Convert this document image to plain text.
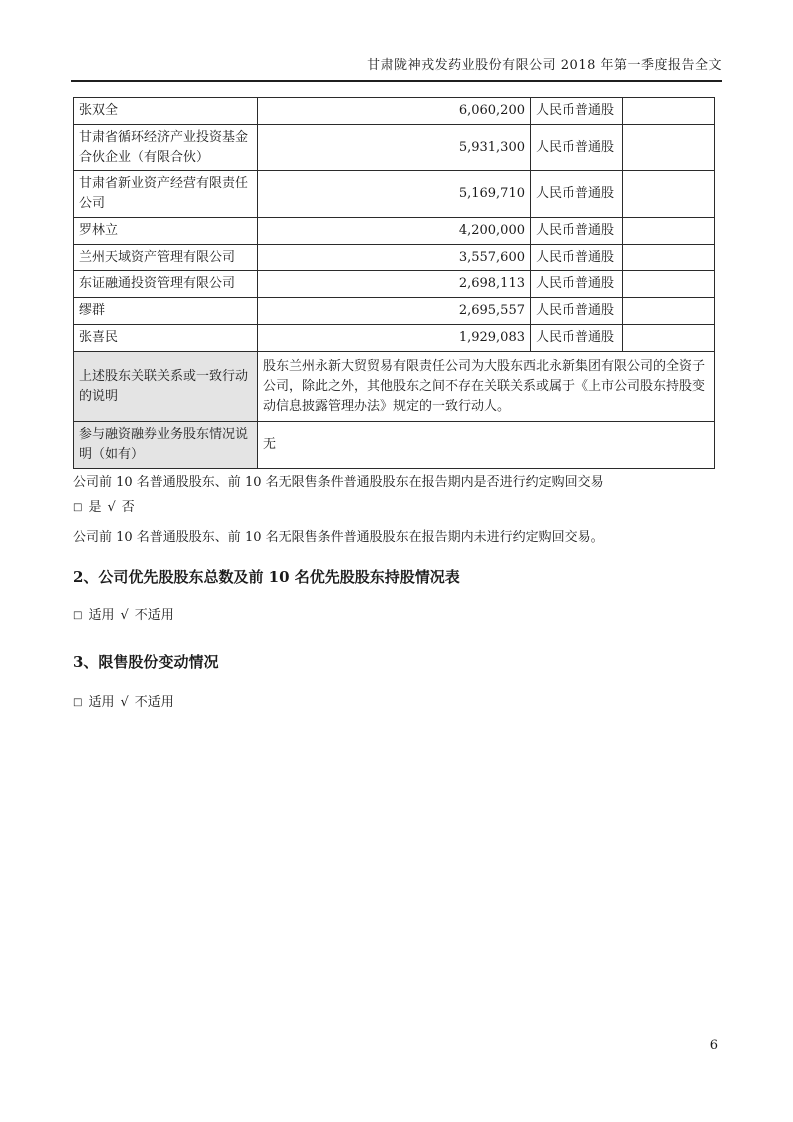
甘肃陇神戎发药业股份有限公司 2018 年第一季度报告全文
张双全	6,060,200	人民币普通股	
甘肃省循环经济产业投资基金合伙企业（有限合伙）	5,931,300	人民币普通股	
甘肃省新业资产经营有限责任公司	5,169,710	人民币普通股	
罗林立	4,200,000	人民币普通股	
兰州天域资产管理有限公司	3,557,600	人民币普通股	
东证融通投资管理有限公司	2,698,113	人民币普通股	
缪群	2,695,557	人民币普通股	
张喜民	1,929,083	人民币普通股	
上述股东关联关系或一致行动的说明	股东兰州永新大贸贸易有限责任公司为大股东西北永新集团有限公司的全资子公司，除此之外，其他股东之间不存在关联关系或属于《上市公司股东持股变动信息披露管理办法》规定的一致行动人。		
参与融资融券业务股东情况说明（如有）	无		

公司前 10 名普通股股东、前 10 名无限售条件普通股股东在报告期内是否进行约定购回交易

□ 是 √ 否

公司前 10 名普通股股东、前 10 名无限售条件普通股股东在报告期内未进行约定购回交易。

2、公司优先股股东总数及前 10 名优先股股东持股情况表

□ 适用 √ 不适用

3、限售股份变动情况

□ 适用 √ 不适用

6
